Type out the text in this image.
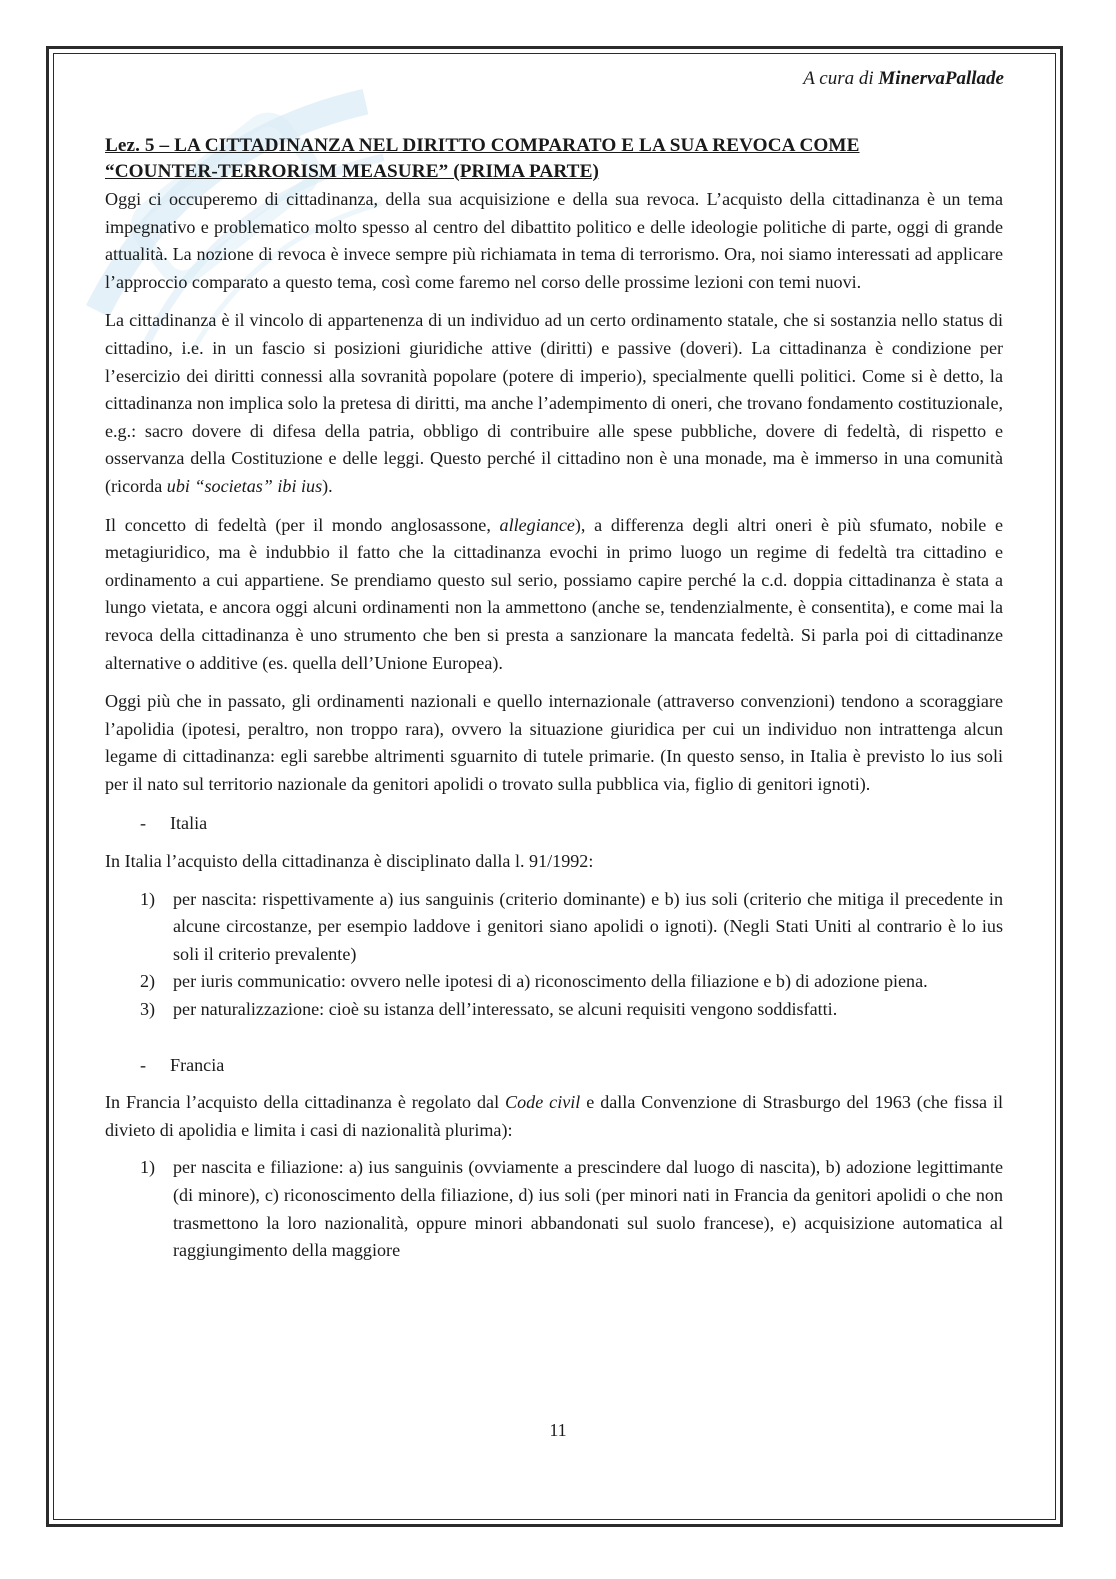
A cura di MinervaPallade
Lez. 5 – LA CITTADINANZA NEL DIRITTO COMPARATO E LA SUA REVOCA COME
“COUNTER-TERRORISM MEASURE” (PRIMA PARTE)

Oggi ci occuperemo di cittadinanza, della sua acquisizione e della sua revoca. L’acquisto della cittadinanza è un tema impegnativo e problematico molto spesso al centro del dibattito politico e delle ideologie politiche di parte, oggi di grande attualità. La nozione di revoca è invece sempre più richiamata in tema di terrorismo. Ora, noi siamo interessati ad applicare l’approccio comparato a questo tema, così come faremo nel corso delle prossime lezioni con temi nuovi.

La cittadinanza è il vincolo di appartenenza di un individuo ad un certo ordinamento statale, che si sostanzia nello status di cittadino, i.e. in un fascio si posizioni giuridiche attive (diritti) e passive (doveri). La cittadinanza è condizione per l’esercizio dei diritti connessi alla sovranità popolare (potere di imperio), specialmente quelli politici. Come si è detto, la cittadinanza non implica solo la pretesa di diritti, ma anche l’adempimento di oneri, che trovano fondamento costituzionale, e.g.: sacro dovere di difesa della patria, obbligo di contribuire alle spese pubbliche, dovere di fedeltà, di rispetto e osservanza della Costituzione e delle leggi. Questo perché il cittadino non è una monade, ma è immerso in una comunità (ricorda ubi “societas” ibi ius).

Il concetto di fedeltà (per il mondo anglosassone, allegiance), a differenza degli altri oneri è più sfumato, nobile e metagiuridico, ma è indubbio il fatto che la cittadinanza evochi in primo luogo un regime di fedeltà tra cittadino e ordinamento a cui appartiene. Se prendiamo questo sul serio, possiamo capire perché la c.d. doppia cittadinanza è stata a lungo vietata, e ancora oggi alcuni ordinamenti non la ammettono (anche se, tendenzialmente, è consentita), e come mai la revoca della cittadinanza è uno strumento che ben si presta a sanzionare la mancata fedeltà. Si parla poi di cittadinanze alternative o additive (es. quella dell’Unione Europea).

Oggi più che in passato, gli ordinamenti nazionali e quello internazionale (attraverso convenzioni) tendono a scoraggiare l’apolidia (ipotesi, peraltro, non troppo rara), ovvero la situazione giuridica per cui un individuo non intrattenga alcun legame di cittadinanza: egli sarebbe altrimenti sguarnito di tutele primarie. (In questo senso, in Italia è previsto lo ius soli per il nato sul territorio nazionale da genitori apolidi o trovato sulla pubblica via, figlio di genitori ignoti).

-	Italia

In Italia l’acquisto della cittadinanza è disciplinato dalla l. 91/1992:

1) per nascita: rispettivamente a) ius sanguinis (criterio dominante) e b) ius soli (criterio che mitiga il precedente in alcune circostanze, per esempio laddove i genitori siano apolidi o ignoti). (Negli Stati Uniti al contrario è lo ius soli il criterio prevalente)
2) per iuris communicatio: ovvero nelle ipotesi di a) riconoscimento della filiazione e b) di adozione piena.
3) per naturalizzazione: cioè su istanza dell’interessato, se alcuni requisiti vengono soddisfatti.
-	Francia

In Francia l’acquisto della cittadinanza è regolato dal Code civil e dalla Convenzione di Strasburgo del 1963 (che fissa il divieto di apolidia e limita i casi di nazionalità plurima):

1) per nascita e filiazione: a) ius sanguinis (ovviamente a prescindere dal luogo di nascita), b) adozione legittimante (di minore), c) riconoscimento della filiazione, d) ius soli (per minori nati in Francia da genitori apolidi o che non trasmettono la loro nazionalità, oppure minori abbandonati sul suolo francese), e) acquisizione automatica al raggiungimento della maggiore
11
